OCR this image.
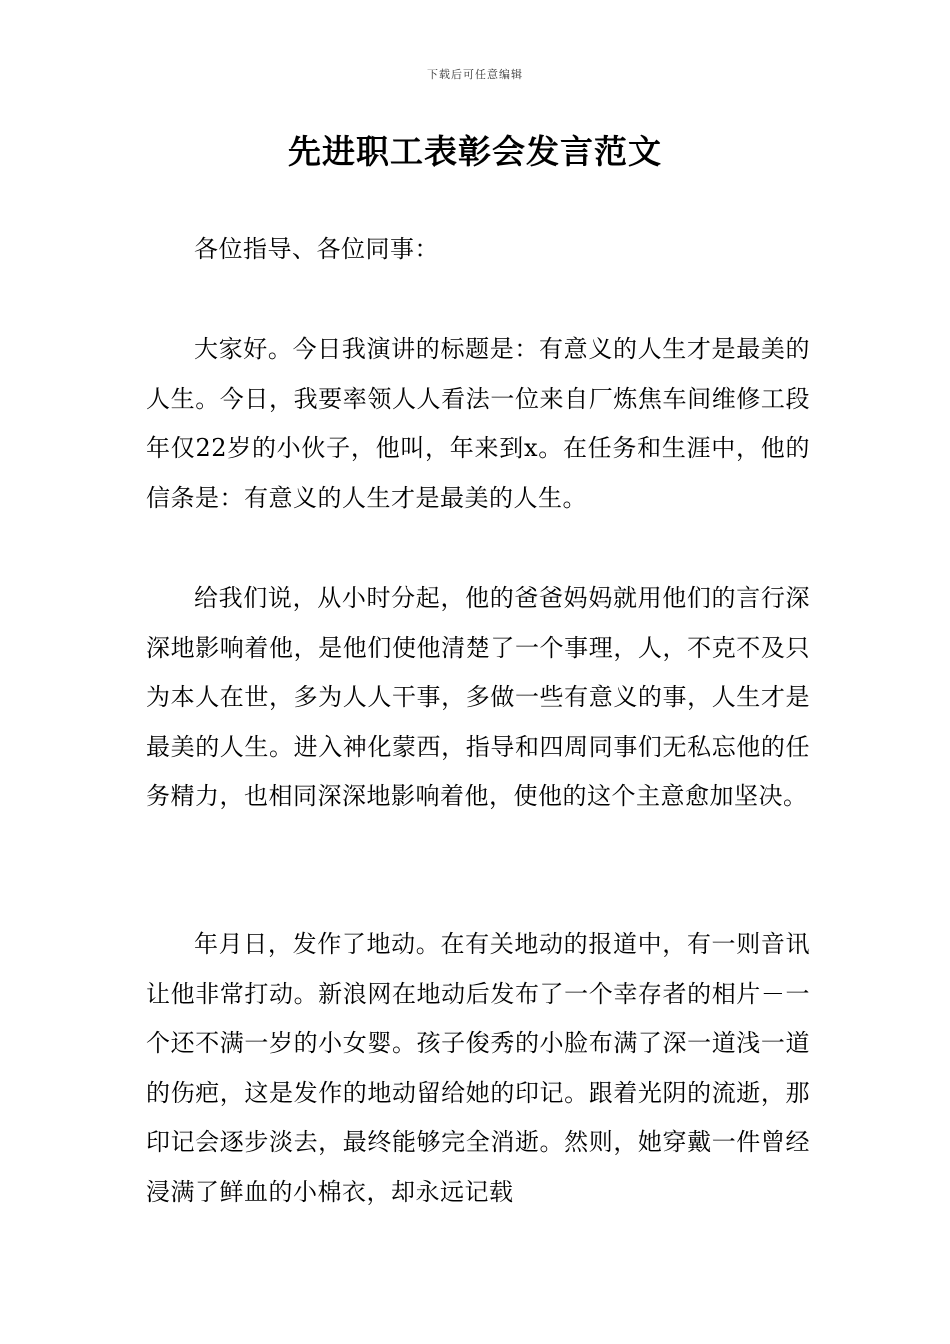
下载后可任意编辑
先进职工表彰会发言范文

各位指导、各位同事：

大家好。今日我演讲的标题是：有意义的人生才是最美的人生。今日，我要率领人人看法一位来自厂炼焦车间维修工段年仅22岁的小伙子，他叫，年来到x。在任务和生涯中，他的信条是：有意义的人生才是最美的人生。

给我们说，从小时分起，他的爸爸妈妈就用他们的言行深深地影响着他，是他们使他清楚了一个事理，人，不克不及只为本人在世，多为人人干事，多做一些有意义的事，人生才是最美的人生。进入神化蒙西，指导和四周同事们无私忘他的任务精力，也相同深深地影响着他，使他的这个主意愈加坚决。

年月日，发作了地动。在有关地动的报道中，有一则音讯让他非常打动。新浪网在地动后发布了一个幸存者的相片－一个还不满一岁的小女婴。孩子俊秀的小脸布满了深一道浅一道的伤疤，这是发作的地动留给她的印记。跟着光阴的流逝，那印记会逐步淡去，最终能够完全消逝。然则，她穿戴一件曾经浸满了鲜血的小棉衣，却永远记载
